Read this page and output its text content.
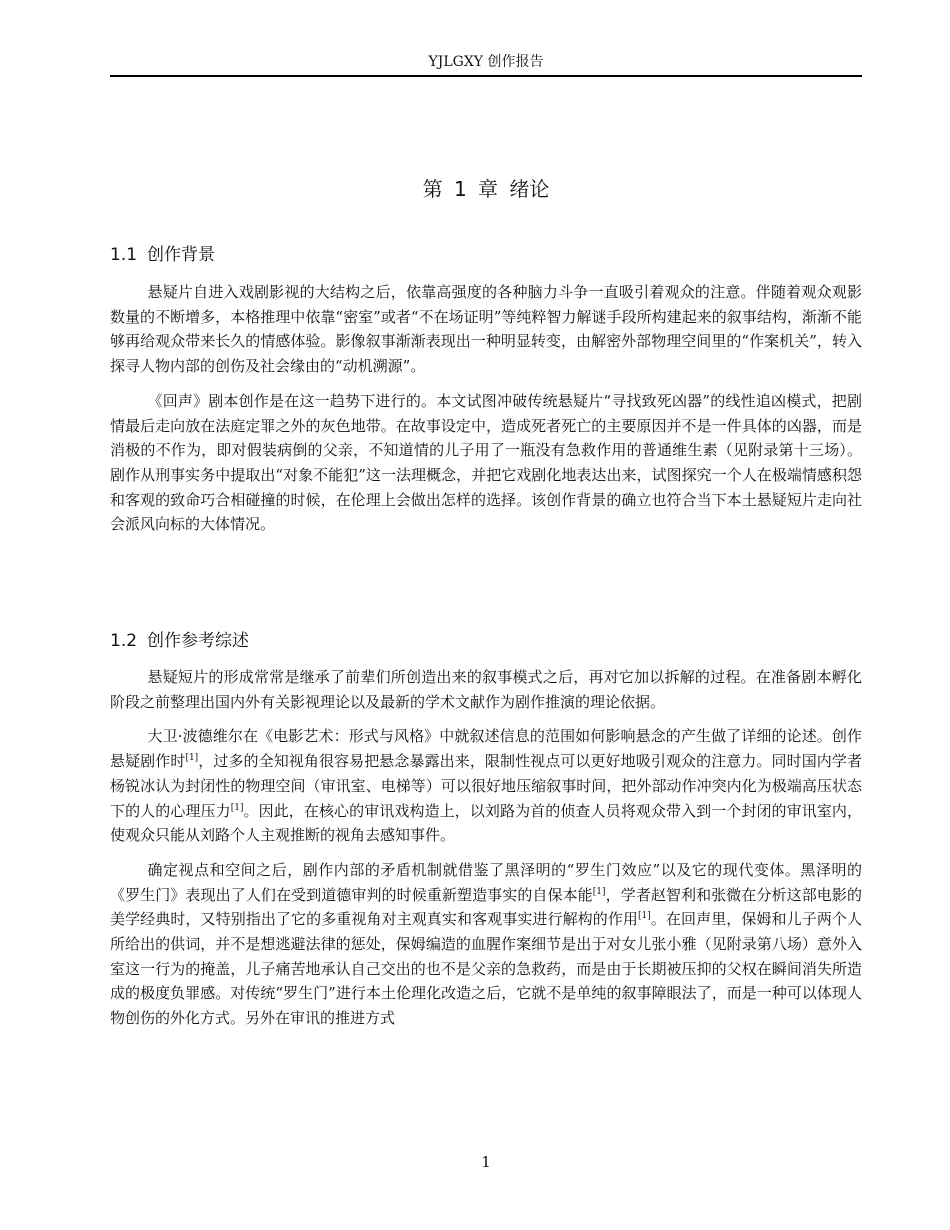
YJLGXY 创作报告
第 1 章 绪论
1.1 创作背景

悬疑片自进入戏剧影视的大结构之后，依靠高强度的各种脑力斗争一直吸引着观众的注意。伴随着观众观影数量的不断增多，本格推理中依靠“密室”或者“不在场证明”等纯粹智力解谜手段所构建起来的叙事结构，渐渐不能够再给观众带来长久的情感体验。影像叙事渐渐表现出一种明显转变，由解密外部物理空间里的“作案机关”，转入探寻人物内部的创伤及社会缘由的“动机溯源”。

《回声》剧本创作是在这一趋势下进行的。本文试图冲破传统悬疑片“寻找致死凶器”的线性追凶模式，把剧情最后走向放在法庭定罪之外的灰色地带。在故事设定中，造成死者死亡的主要原因并不是一件具体的凶器，而是消极的不作为，即对假装病倒的父亲，不知道情的儿子用了一瓶没有急救作用的普通维生素（见附录第十三场）。剧作从刑事实务中提取出“对象不能犯”这一法理概念，并把它戏剧化地表达出来，试图探究一个人在极端情感积怨和客观的致命巧合相碰撞的时候，在伦理上会做出怎样的选择。该创作背景的确立也符合当下本土悬疑短片走向社会派风向标的大体情况。

1.2 创作参考综述

悬疑短片的形成常常是继承了前辈们所创造出来的叙事模式之后，再对它加以拆解的过程。在准备剧本孵化阶段之前整理出国内外有关影视理论以及最新的学术文献作为剧作推演的理论依据。

大卫·波德维尔在《电影艺术：形式与风格》中就叙述信息的范围如何影响悬念的产生做了详细的论述。创作悬疑剧作时[1]，过多的全知视角很容易把悬念暴露出来，限制性视点可以更好地吸引观众的注意力。同时国内学者杨锐冰认为封闭性的物理空间（审讯室、电梯等）可以很好地压缩叙事时间，把外部动作冲突内化为极端高压状态下的人的心理压力[1]。因此，在核心的审讯戏构造上，以刘路为首的侦查人员将观众带入到一个封闭的审讯室内，使观众只能从刘路个人主观推断的视角去感知事件。

确定视点和空间之后，剧作内部的矛盾机制就借鉴了黑泽明的“罗生门效应”以及它的现代变体。黑泽明的《罗生门》表现出了人们在受到道德审判的时候重新塑造事实的自保本能[1]，学者赵智利和张微在分析这部电影的美学经典时，又特别指出了它的多重视角对主观真实和客观事实进行解构的作用[1]。在回声里，保姆和儿子两个人所给出的供词，并不是想逃避法律的惩处，保姆编造的血腥作案细节是出于对女儿张小雅（见附录第八场）意外入室这一行为的掩盖，儿子痛苦地承认自己交出的也不是父亲的急救药，而是由于长期被压抑的父权在瞬间消失所造成的极度负罪感。对传统“罗生门”进行本土伦理化改造之后，它就不是单纯的叙事障眼法了，而是一种可以体现人物创伤的外化方式。另外在审讯的推进方式

1
